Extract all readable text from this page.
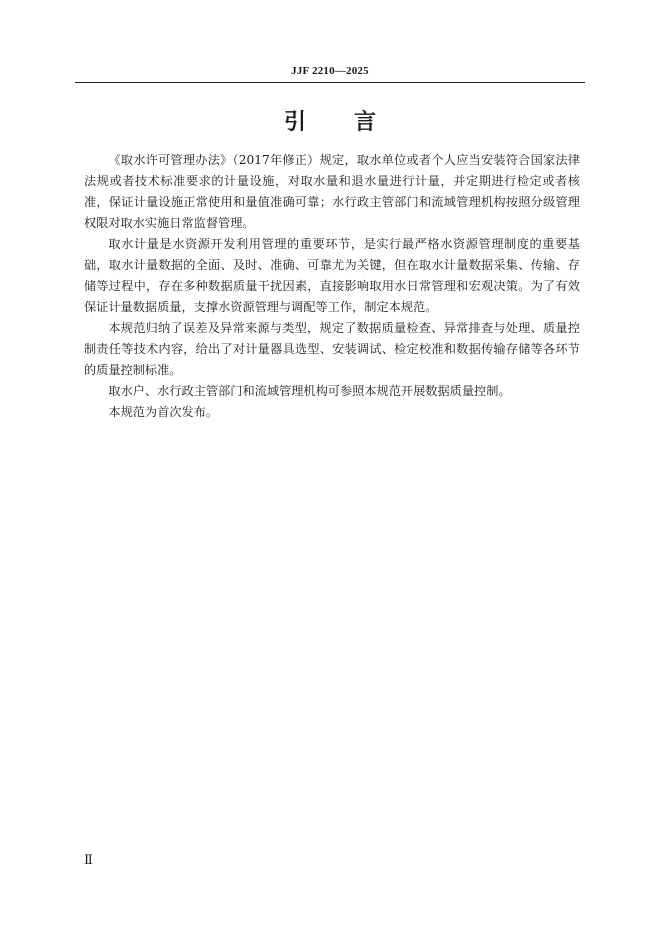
JJF 2210—2025
引言

《取水许可管理办法》（2017年修正）规定，取水单位或者个人应当安装符合国家法律法规或者技术标准要求的计量设施，对取水量和退水量进行计量，并定期进行检定或者核准，保证计量设施正常使用和量值准确可靠；水行政主管部门和流域管理机构按照分级管理权限对取水实施日常监督管理。

取水计量是水资源开发利用管理的重要环节，是实行最严格水资源管理制度的重要基础，取水计量数据的全面、及时、准确、可靠尤为关键，但在取水计量数据采集、传输、存储等过程中，存在多种数据质量干扰因素，直接影响取用水日常管理和宏观决策。为了有效保证计量数据质量，支撑水资源管理与调配等工作，制定本规范。

本规范归纳了误差及异常来源与类型，规定了数据质量检查、异常排查与处理、质量控制责任等技术内容，给出了对计量器具选型、安装调试、检定校准和数据传输存储等各环节的质量控制标准。

取水户、水行政主管部门和流域管理机构可参照本规范开展数据质量控制。

本规范为首次发布。

Ⅱ
